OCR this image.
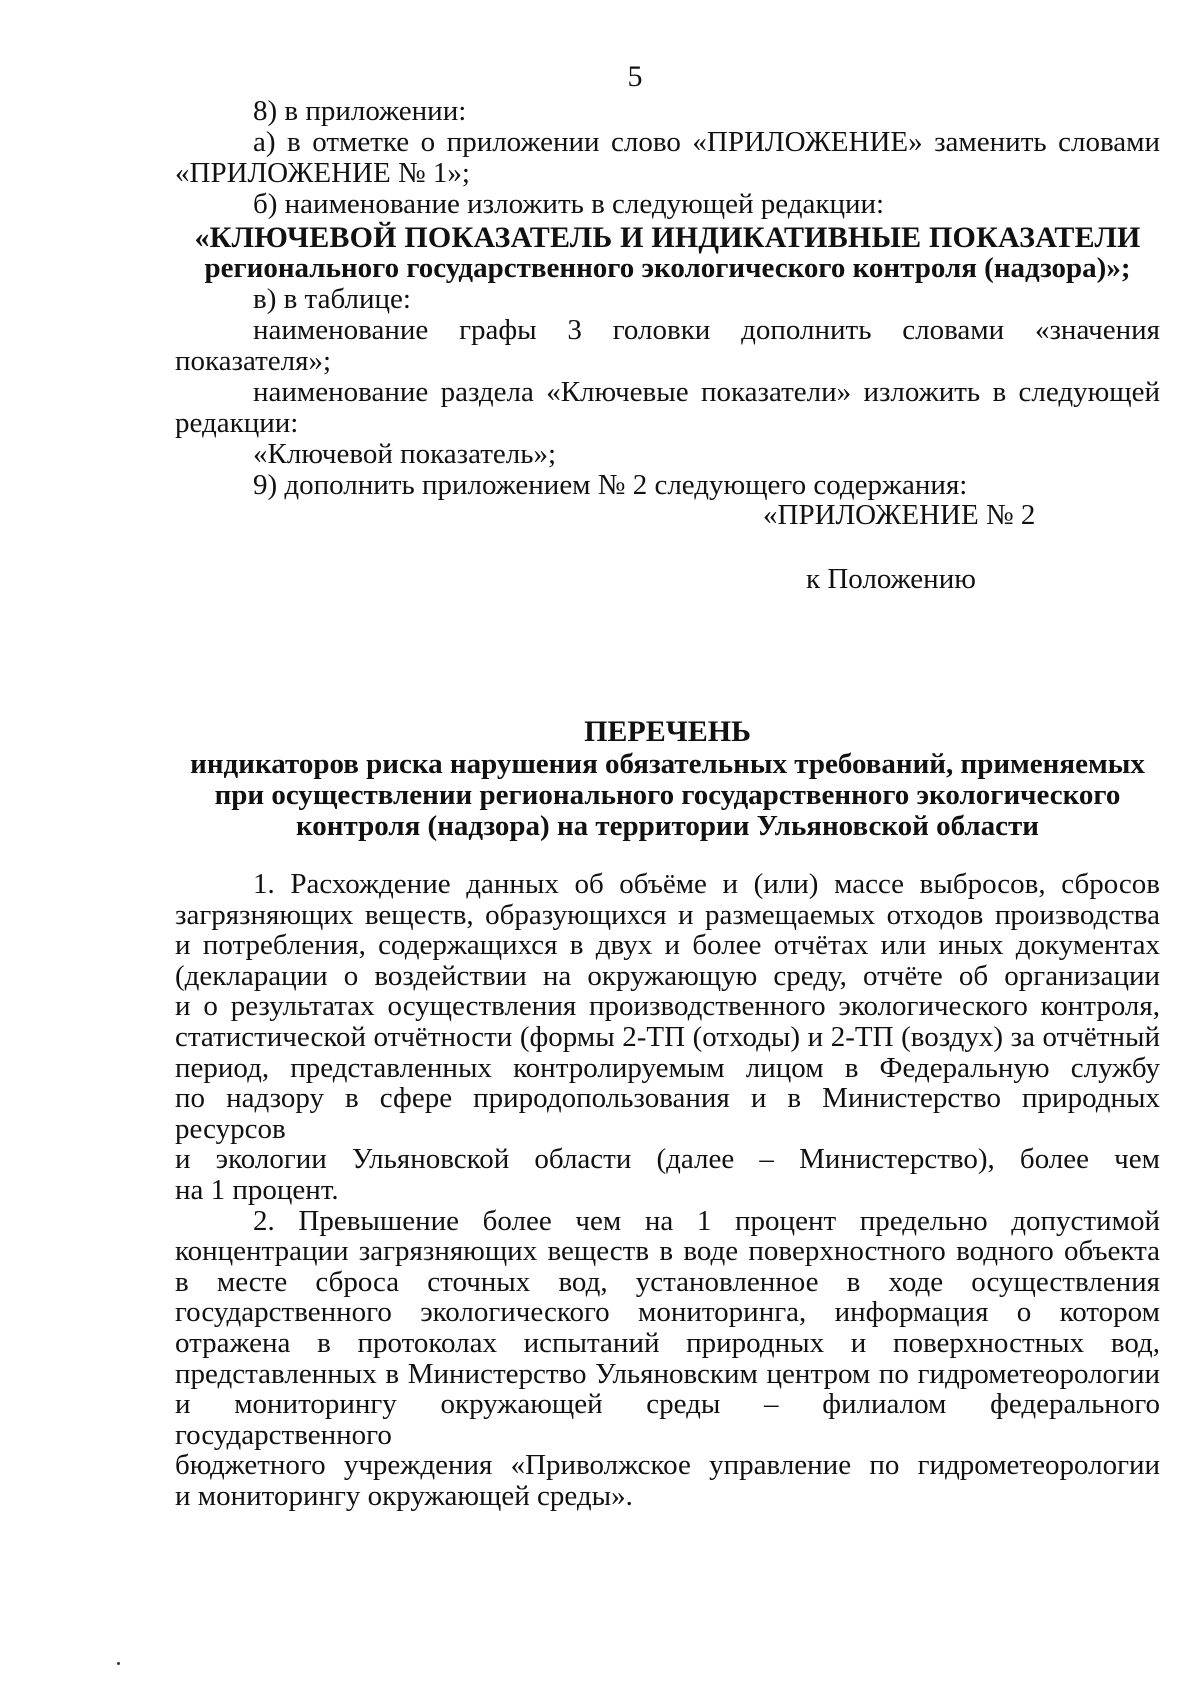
5

8) в приложении:

а) в отметке о приложении слово «ПРИЛОЖЕНИЕ» заменить словами

«ПРИЛОЖЕНИЕ № 1»;

б) наименование изложить в следующей редакции:

«КЛЮЧЕВОЙ ПОКАЗАТЕЛЬ И ИНДИКАТИВНЫЕ ПОКАЗАТЕЛИ

регионального государственного экологического контроля (надзора)»;

в) в таблице:

наименование графы 3 головки дополнить словами «значения

показателя»;

наименование раздела «Ключевые показатели» изложить в следующей

редакции:

«Ключевой показатель»;

9) дополнить приложением № 2 следующего содержания:

«ПРИЛОЖЕНИЕ № 2
к Положению

ПЕРЕЧЕНЬ

индикаторов риска нарушения обязательных требований, применяемых

при осуществлении регионального государственного экологического

контроля (надзора) на территории Ульяновской области

1. Расхождение данных об объёме и (или) массе выбросов, сбросов

загрязняющих веществ, образующихся и размещаемых отходов производства

и потребления, содержащихся в двух и более отчётах или иных документах

(декларации о воздействии на окружающую среду, отчёте об организации

и о результатах осуществления производственного экологического контроля,

статистической отчётности (формы 2-ТП (отходы) и 2-ТП (воздух) за отчётный

период, представленных контролируемым лицом в Федеральную службу

по надзору в сфере природопользования и в Министерство природных ресурсов

и экологии Ульяновской области (далее – Министерство), более чем

на 1 процент.

2. Превышение более чем на 1 процент предельно допустимой

концентрации загрязняющих веществ в воде поверхностного водного объекта

в месте сброса сточных вод, установленное в ходе осуществления

государственного экологического мониторинга, информация о котором

отражена в протоколах испытаний природных и поверхностных вод,

представленных в Министерство Ульяновским центром по гидрометеорологии

и мониторингу окружающей среды – филиалом федерального государственного

бюджетного учреждения «Приволжское управление по гидрометеорологии

и мониторингу окружающей среды».
